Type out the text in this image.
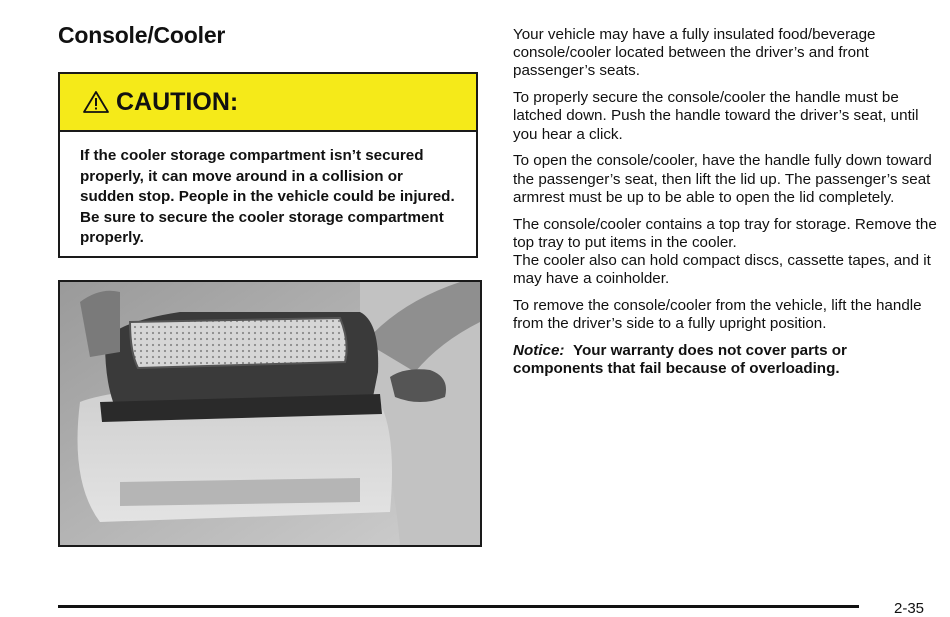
Console/Cooler
CAUTION:
If the cooler storage compartment isn’t secured properly, it can move around in a collision or sudden stop. People in the vehicle could be injured. Be sure to secure the cooler storage compartment properly.

Your vehicle may have a fully insulated food/beverage console/cooler located between the driver’s and front passenger’s seats.

To properly secure the console/cooler the handle must be latched down. Push the handle toward the driver’s seat, until you hear a click.

To open the console/cooler, have the handle fully down toward the passenger’s seat, then lift the lid up. The passenger’s seat armrest must be up to be able to open the lid completely.

The console/cooler contains a top tray for storage. Remove the top tray to put items in the cooler.
The cooler also can hold compact discs, cassette tapes, and it may have a coinholder.

To remove the console/cooler from the vehicle, lift the handle from the driver’s side to a fully upright position.

Notice: Your warranty does not cover parts or components that fail because of overloading.

2-35
